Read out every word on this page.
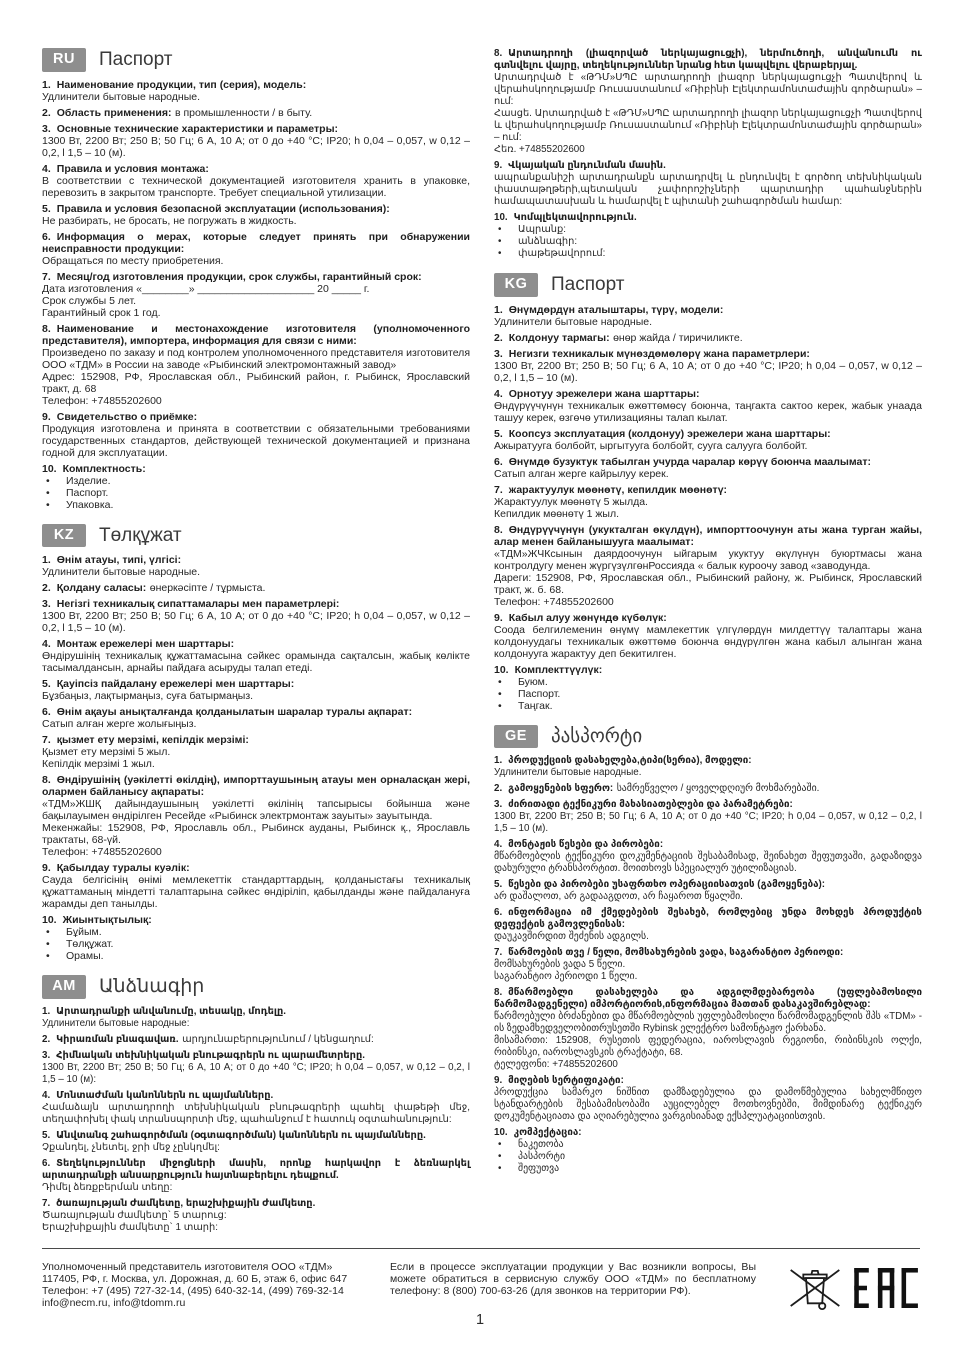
RU	Паспорт

1. Наименование продукции, тип (серия), модель:

Удлинители бытовые народные.

2. Область применения: в промышленности / в быту.

3. Основные технические характеристики и параметры:

1300 Вт, 2200 Вт; 250 В; 50 Гц; 6 А, 10 А; от 0 до +40 °С; IP20; h 0,04 – 0,057, w 0,12 – 0,2, l 1,5 – 10 (м).

4. Правила и условия монтажа:

В соответствии с технической документацией изготовителя хранить в упаковке, перевозить в закрытом транспорте. Требует специальной утилизации.

5. Правила и условия безопасной эксплуатации (использования):

Не разбирать, не бросать, не погружать в жидкость.

6. Информация о мерах, которые следует принять при обнаружении неисправности продукции:

Обращаться по месту приобретения.

7. Месяц/год изготовления продукции, срок службы, гарантийный срок:

Дата изготовления «________» ____________________ 20 _____ г.

Срок службы 5 лет.

Гарантийный срок 1 год.

8. Наименование и местонахождение изготовителя (уполномоченного представителя), импортера, информация для связи с ними:

Произведено по заказу и под контролем уполномоченного представителя изготовителя ООО «ТДМ» в России на заводе «Рыбинский электромонтажный завод»

Адрес: 152908, РФ, Ярославская обл., Рыбинский район, г. Рыбинск, Ярославский тракт, д. 68

Телефон: +74855202600

9. Свидетельство о приёмке:

Продукция изготовлена и принята в соответствии с обязательными требованиями государственных стандартов, действующей технической документацией и признана годной для эксплуатации.

10. Комплектность:

•	Изделие.
•	Паспорт.
•	Упаковка.
KZ	Төлқұжат

1. Өнім атауы, типі, үлгісі:

Удлинители бытовые народные.

2. Қолдану саласы: өнеркәсіпте / тұрмыста.

3. Негізгі техникалық сипаттамалары мен параметрлері:

1300 Вт, 2200 Вт; 250 В; 50 Гц; 6 А, 10 А; от 0 до +40 °С; IP20; h 0,04 – 0,057, w 0,12 – 0,2, l 1,5 – 10 (м).

4. Монтаж ережелері мен шарттары:

Өндірушінің техникалық құжаттамасына сәйкес орамында сақталсын, жабық көлікте тасымалдансын, арнайы пайдаға асыруды талап етеді.

5. Қауіпсіз пайдалану ережелері мен шарттары:

Бұзбаңыз, лақтырмаңыз, суға батырмаңыз.

6. Өнім ақауы анықталғанда қолданылатын шаралар туралы ақпарат:

Сатып алған жерге жолығыңыз.

7. қызмет ету мерзімі, кепілдік мерзімі:

Қызмет ету мерзімі 5 жыл.

Кепілдік мерзімі 1 жыл.

8. Өндірушінің (уәкілетті өкілдің), импорттаушының атауы мен орналасқан жері, олармен байланысу ақпараты:

«ТДМ»ЖШҚ дайындаушының уәкілетті өкілінің тапсырысы бойынша және бақылауымен өндірілген Ресейде «Рыбинск электрмонтаж зауыты» зауытында.

Мекенжайы: 152908, РФ, Ярославль обл., Рыбинск ауданы, Рыбинск қ., Ярославль трактаты, 68-үй.

Телефон: +74855202600

9. Қабылдау туралы куәлік:

Сауда белгісінің өнімі мемлекеттік стандарттардың, қолданыстағы техникалық құжаттаманың міндетті талаптарына сәйкес өндіріліп, қабылданды және пайдалануға жарамды деп танылды.

10. Жиынтықтылық:

•	Бұйым.
•	Төлқұжат.
•	Орамы.
AM	Անձնագիր

1. Արտադրանքի անվանումը, տեսակը, մոդելը.

Удлинители бытовые народные:

2. Կիրառման բնագավառ. արդյունաբերությունում / կենցաղում:

3. Հիմնական տեխնիկական բնութագրերն ու պարամետրերը.

1300 Вт, 2200 Вт; 250 В; 50 Гц; 6 А, 10 А; от 0 до +40 °С; IP20; h 0,04 – 0,057, w 0,12 – 0,2, l 1,5 – 10 (м):

4. Մոնտաժման կանոններն ու պայմանները.

Համաձայն արտադրողի տեխնիկական բնութագրերի պահել փաթեթի մեջ, տեղափոխել փակ տրանսպորտի մեջ, պահանջում է հատուկ օգտահանություն:

5. Անվտանգ շահագործման (օգտագործման) կանոններն ու պայմանները.

Չքանդել, չնետել, ջրի մեջ չընկղմել:

6. Տեղեկություններ միջոցների մասին, որոնք հարկավոր է ձեռնարկել արտադրանքի անսարքություն հայտնաբերելու դեպքում.

Դիմել ձեռքբերման տեղը:

7. ծառայության ժամկետը, երաշխիքային ժամկետը.

Ծառայության ժամկետը` 5 տարուց:

Երաշխիքային ժամկետը` 1 տարի:

8. Արտադրողի (լիազորված ներկայացուցչի), ներմուծողի, անվանումն ու գտնվելու վայրը, տեղեկություններ նրանց հետ կապվելու վերաբերյալ.

Արտադրված է «ԹԴՄ»ՍՊԸ արտադրողի լիազոր ներկայացուցչի Պատվերով և վերահսկողությամբ Ռուսաստանում «Ռիբինի Էլեկտրամոնտաժային գործարան» – ում:

Հասցե. Արտադրված է «ԹԴՄ»ՍՊԸ արտադրողի լիազոր ներկայացուցչի Պատվերով և վերահսկողությամբ Ռուսաստանում «Ռիբինի Էլեկտրամոնտաժային գործարան» – ում:

Հեռ. +74855202600

9. Վկայական ընդունման մասին.

ապրանքանիշի արտադրանքն արտադրվել և ընդունվել է գործող տեխնիկական փաստաթղթերի,պետական չափորոշիչների պարտադիր պահանջներին համապատասխան և համարվել է պիտանի շահագործման համար:

10. Կոմպլեկտավորություն.

•	Ապրանք:
•	անձնագիր:
•	փաթեթավորում:
KG	Паспорт

1. Өнүмдөрдүн аталыштары, түрү, модели:

Удлинители бытовые народные.

2. Колдонуу тармагы: өнөр жайда / тиричиликте.

3. Негизги техникалык мүнөздөмөлөрү жана параметрлери:

1300 Вт, 2200 Вт; 250 В; 50 Гц; 6 А, 10 А; от 0 до +40 °С; IP20; h 0,04 – 0,057, w 0,12 – 0,2, l 1,5 – 10 (м).

4. Орнотуу эрежелери жана шарттары:

Өндүрүүчүнүн техникалык өжөттөмөсү боюнча, таңгакта сактоо керек, жабык унаада ташуу керек, өзгөчө утилизацияны талап кылат.

5. Коопсуз эксплуатация (колдонуу) эрежелери жана шарттары:

Ажыратууга болбойт, ыргытууга болбойт, сууга салууга болбойт.

6. Өнүмдө бузуктук табылган учурда чаралар көрүү боюнча маалымат:

Сатып алган жерге кайрылуу керек.

7. жарактуулук мөөнөтү, кепилдик мөөнөтү:

Жарактуулук мөөнөтү 5 жылда.

Кепилдик мөөнөтү 1 жыл.

8. Өндүрүүчүнүн (укукталган өкүлдүн), импорттоочунун аты жана турган жайы, алар менен байланышууга маалымат:

«ТДМ»ЖЧКсынын даярдоочунун ыйгарым укуктуу өкүлүнүн буюртмасы жана контролдугу менен жүргүзүлгөнРоссияда « балык куроочу завод «заводунда.

Дареги: 152908, РФ, Ярославская обл., Рыбинский району, ж. Рыбинск, Ярославский тракт, ж. б. 68.

Телефон: +74855202600

9. Кабыл алуу жөнүндө күбөлүк:

Соода белгилеменин өнүмү мамлекеттик үлгүлөрдүн милдеттүү талаптары жана колдонуудагы техникалык өжөттөмө боюнча өндүрүлгөн жана кабыл алынган жана колдонууга жарактуу деп бекитилген.

10. Комплекттүүлүк:

•	Буюм.
•	Паспорт.
•	Таңгак.
GE	პასპორტი

1. პროდუქციის დასახელება,ტიპი(სერია), მოდელი:

Удлинители бытовые народные.

2. გამოყენების სფერო: სამრეწველო / ყოველდღიურ მოხმარებაში.

3. ძირითადი ტექნიკური მახასიათებლები და პარამეტრები:

1300 Вт, 2200 Вт; 250 В; 50 Гц; 6 А, 10 А; от 0 до +40 °С; IP20; h 0,04 – 0,057, w 0,12 – 0,2, l 1,5 – 10 (м).

4. მონტაჟის წესები და პირობები:

მწარმოებლის ტექნიკური დოკუმენტაციის შესაბამისად, შეინახეთ შეფუთვაში, გადაზიდვა დახურული ტრანსპორტით. მოითხოვს სპეციალურ უტილიზაციას.

5. წესები და პირობები უსაფრთხო ოპერაციისათვის (გამოყენება):

არ დაშალოთ, არ გადააგდოთ, არ ჩაყაროთ წყალში.

6. ინფორმაცია იმ ქმედებების შესახებ, რომლებიც უნდა მოხდეს პროდუქტის დეფექტის გამოვლენისას:

დაუკავშირდით შეძენის ადგილს.

7. წარმოების თვე / წელი, მომსახურების ვადა, საგარანტიო პერიოდი:

მომსახურების ვადა 5 წელი.

საგარანტიო პერიოდი 1 წელი.

8. მწარმოებლი დასახელება და ადგილმდებარეობა (უფლებამოსილი წარმომადგენელი) იმპორტიორის,ინფორმაცია მათთან დასაკავშირებლად:

წარმოებული ბრძანებით და მწარმოებლის უფლებამოსილი წარმომადგენლის შპს «TDM» - ის ზედამხედველობითრუსეთში Rybinsk ელექტრო სამონტაჟო ქარხანა.

მისამართი: 152908, რუსეთის ფედერაცია, იაროსლავის რეგიონი, რიბინსკის ოლქი, რიბინსკი, იაროსლავსკის ტრაქტატი, 68.

ტელეფონი: +74855202600

9. მიღების სერტიფიკატი:

პროდუქცია სამარკო ნიშნით დამზადებულია და დამოწმებულია სახელმწიფო სტანდარტების შესაბამისობაში აუცილებელ მოთხოვნებში, მიმდინარე ტექნიკურ დოკუმენტაციათა და აღიარებულია ვარგისიანად ექსპლუატაციისთვის.

10. კომპექტაცია:

•	ნაკეთობა
•	პასპორტი
•	შეფუთვა
Уполномоченный представитель изготовителя ООО «ТДМ»
117405, РФ, г. Москва, ул. Дорожная, д. 60 Б, этаж 6, офис 647
Телефон: +7 (495) 727-32-14, (495) 640-32-14, (499) 769-32-14
info@necm.ru, info@tdomm.ru
Если в процессе эксплуатации продукции у Вас возникли вопросы, Вы можете обратиться в сервисную службу ООО «ТДМ» по бесплатному телефону: 8 (800) 700-63-26 (для звонков на территории РФ).
1
